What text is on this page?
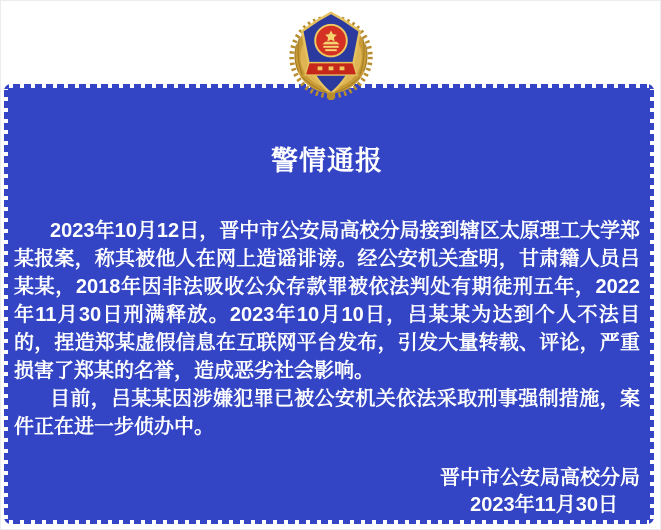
警情通报

2023年10月12日，晋中市公安局高校分局接到辖区太原理工大学郑某报案，称其被他人在网上造谣诽谤。经公安机关查明，甘肃籍人员吕某某，2018年因非法吸收公众存款罪被依法判处有期徒刑五年，2022年11月30日刑满释放。2023年10月10日，吕某某为达到个人不法目的，捏造郑某虚假信息在互联网平台发布，引发大量转载、评论，严重损害了郑某的名誉，造成恶劣社会影响。

目前，吕某某因涉嫌犯罪已被公安机关依法采取刑事强制措施，案件正在进一步侦办中。

晋中市公安局高校分局
2023年11月30日
